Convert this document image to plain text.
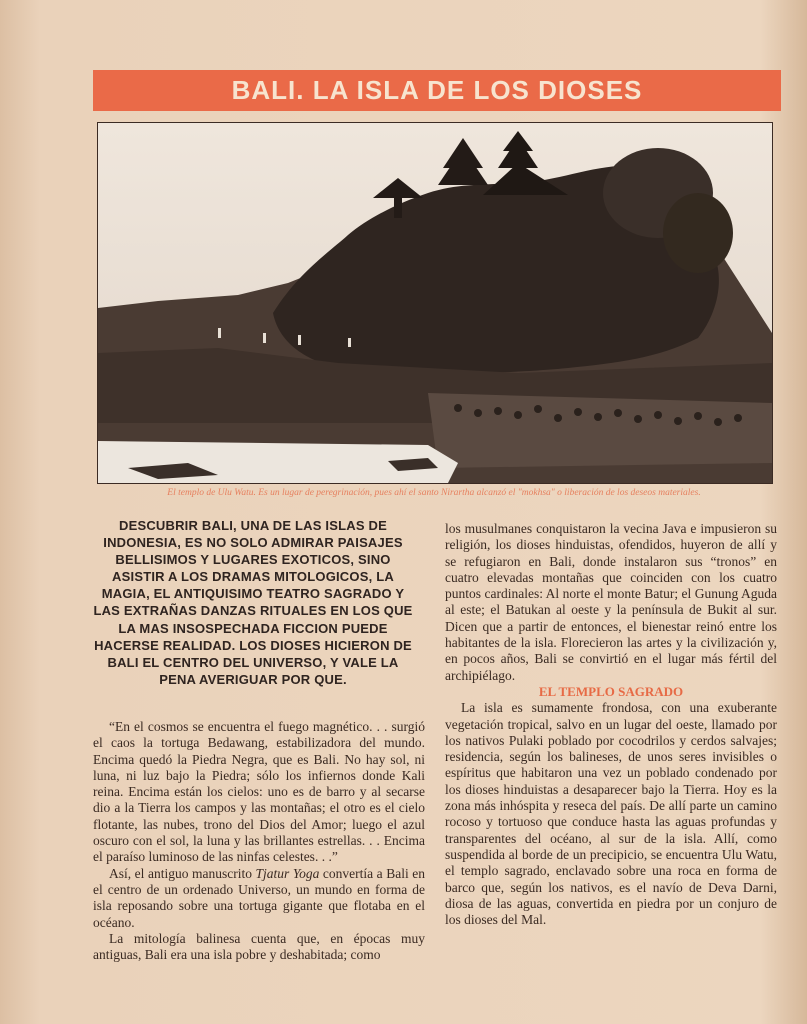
BALI. LA ISLA DE LOS DIOSES
El templo de Ulu Watu. Es un lugar de peregrinación, pues ahí el santo Nirartha alcanzó el "mokhsa" o liberación de los deseos materiales.
DESCUBRIR BALI, UNA DE LAS ISLAS DE INDONESIA, ES NO SOLO ADMIRAR PAISAJES BELLISIMOS Y LUGARES EXOTICOS, SINO ASISTIR A LOS DRAMAS MITOLOGICOS, LA MAGIA, EL ANTIQUISIMO TEATRO SAGRADO Y LAS EXTRAÑAS DANZAS RITUALES EN LOS QUE LA MAS INSOSPECHADA FICCION PUEDE HACERSE REALIDAD. LOS DIOSES HICIERON DE BALI EL CENTRO DEL UNIVERSO, Y VALE LA PENA AVERIGUAR POR QUE.

“En el cosmos se encuentra el fuego magnético. . . surgió el caos la tortuga Bedawang, estabilizadora del mundo. Encima quedó la Piedra Negra, que es Bali. No hay sol, ni luna, ni luz bajo la Piedra; sólo los infiernos donde Kali reina. Encima están los cielos: uno es de barro y al secarse dio a la Tierra los campos y las montañas; el otro es el cielo flotante, las nubes, trono del Dios del Amor; luego el azul oscuro con el sol, la luna y las brillantes estrellas. . . Encima el paraíso luminoso de las ninfas celestes. . .”

Así, el antiguo manuscrito Tjatur Yoga convertía a Bali en el centro de un ordenado Universo, un mundo en forma de isla reposando sobre una tortuga gigante que flotaba en el océano.

La mitología balinesa cuenta que, en épocas muy antiguas, Bali era una isla pobre y deshabitada; como

los musulmanes conquistaron la vecina Java e impusieron su religión, los dioses hinduistas, ofendidos, huyeron de allí y se refugiaron en Bali, donde instalaron sus “tronos” en cuatro elevadas montañas que coinciden con los cuatro puntos cardinales: Al norte el monte Batur; el Gunung Aguda al este; el Batukan al oeste y la península de Bukit al sur. Dicen que a partir de entonces, el bienestar reinó entre los habitantes de la isla. Florecieron las artes y la civilización y, en pocos años, Bali se convirtió en el lugar más fértil del archipiélago.

EL TEMPLO SAGRADO

La isla es sumamente frondosa, con una exuberante vegetación tropical, salvo en un lugar del oeste, llamado por los nativos Pulaki poblado por cocodrilos y cerdos salvajes; residencia, según los balineses, de unos seres invisibles o espíritus que habitaron una vez un poblado condenado por los dioses hinduistas a desaparecer bajo la Tierra. Hoy es la zona más inhóspita y reseca del país. De allí parte un camino rocoso y tortuoso que conduce hasta las aguas profundas y transparentes del océano, al sur de la isla. Allí, como suspendida al borde de un precipicio, se encuentra Ulu Watu, el templo sagrado, enclavado sobre una roca en forma de barco que, según los nativos, es el navío de Deva Darni, diosa de las aguas, convertida en piedra por un conjuro de los dioses del Mal.
